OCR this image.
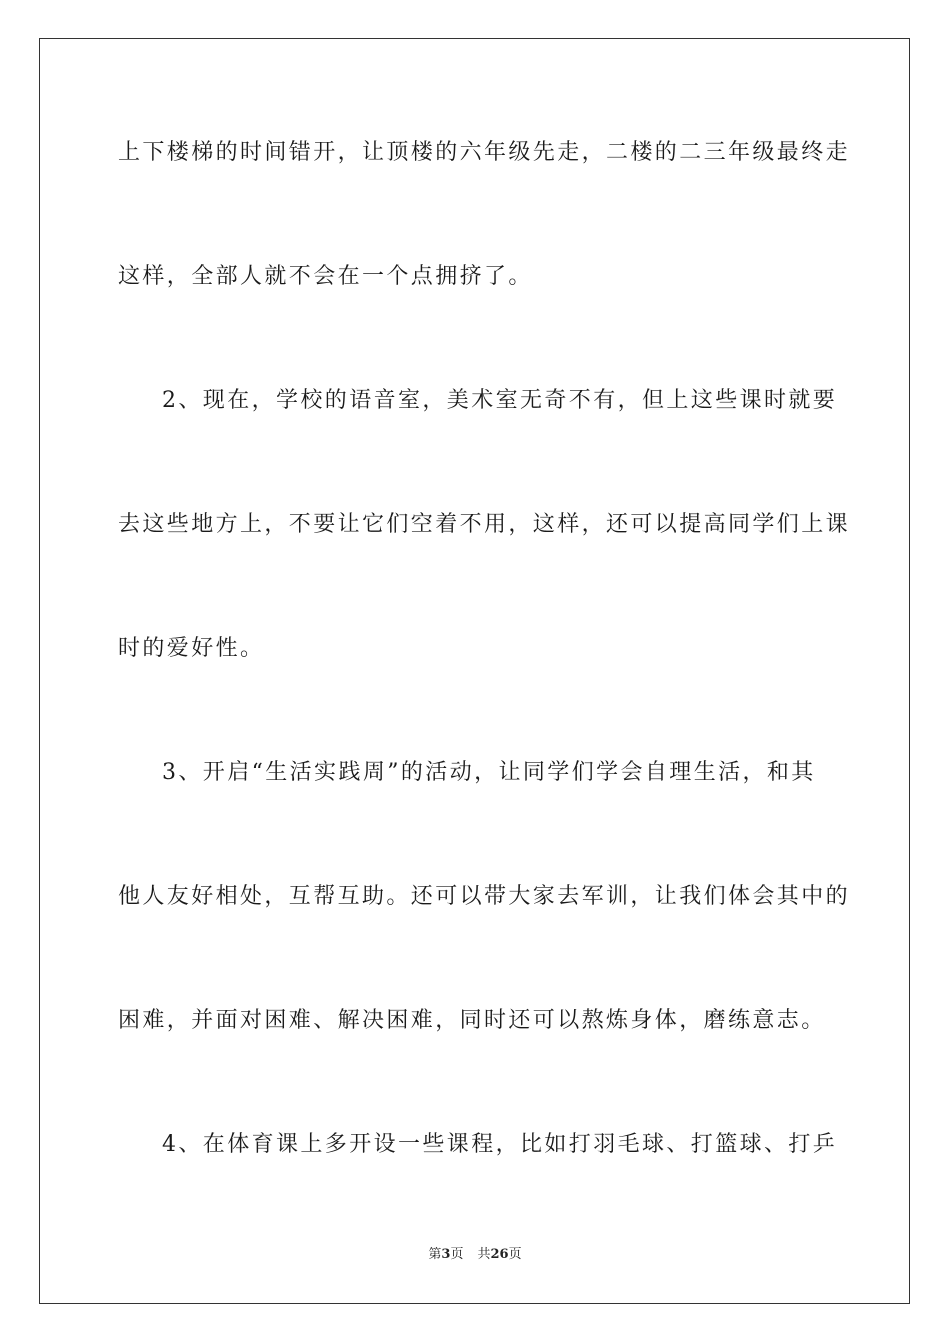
上下楼梯的时间错开，让顶楼的六年级先走，二楼的二三年级最终走
这样，全部人就不会在一个点拥挤了。
2、现在，学校的语音室，美术室无奇不有，但上这些课时就要
去这些地方上，不要让它们空着不用，这样，还可以提高同学们上课
时的爱好性。
3、开启“生活实践周”的活动，让同学们学会自理生活，和其
他人友好相处，互帮互助。还可以带大家去军训，让我们体会其中的
困难，并面对困难、解决困难，同时还可以熬炼身体，磨练意志。
4、在体育课上多开设一些课程，比如打羽毛球、打篮球、打乒
第3页 共26页
